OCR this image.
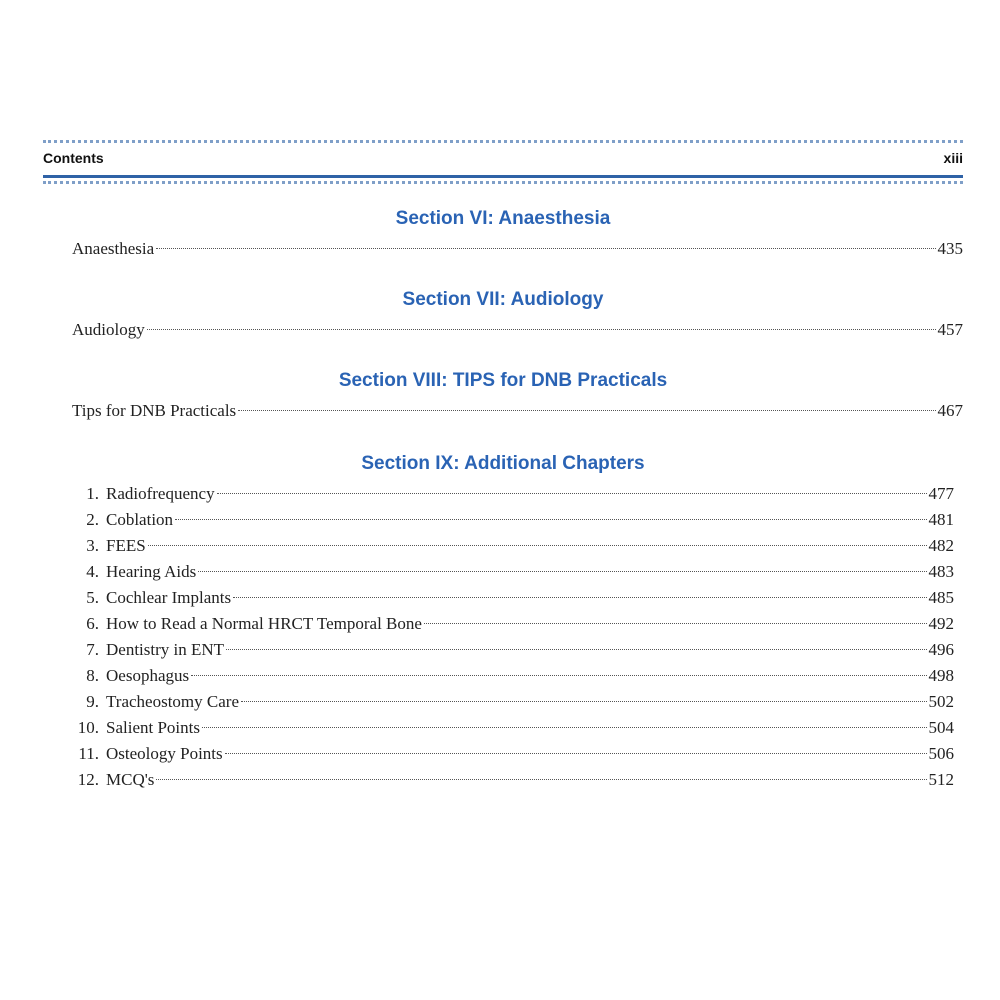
Contents	xiii
Section VI: Anaesthesia
Anaesthesia	435
Section VII: Audiology
Audiology	457
Section VIII: TIPS for DNB Practicals
Tips for DNB Practicals	467
Section IX: Additional Chapters
1. Radiofrequency	477
2. Coblation	481
3. FEES	482
4. Hearing Aids	483
5. Cochlear Implants	485
6. How to Read a Normal HRCT Temporal Bone	492
7. Dentistry in ENT	496
8. Oesophagus	498
9. Tracheostomy Care	502
10. Salient Points	504
11. Osteology Points	506
12. MCQ's	512
